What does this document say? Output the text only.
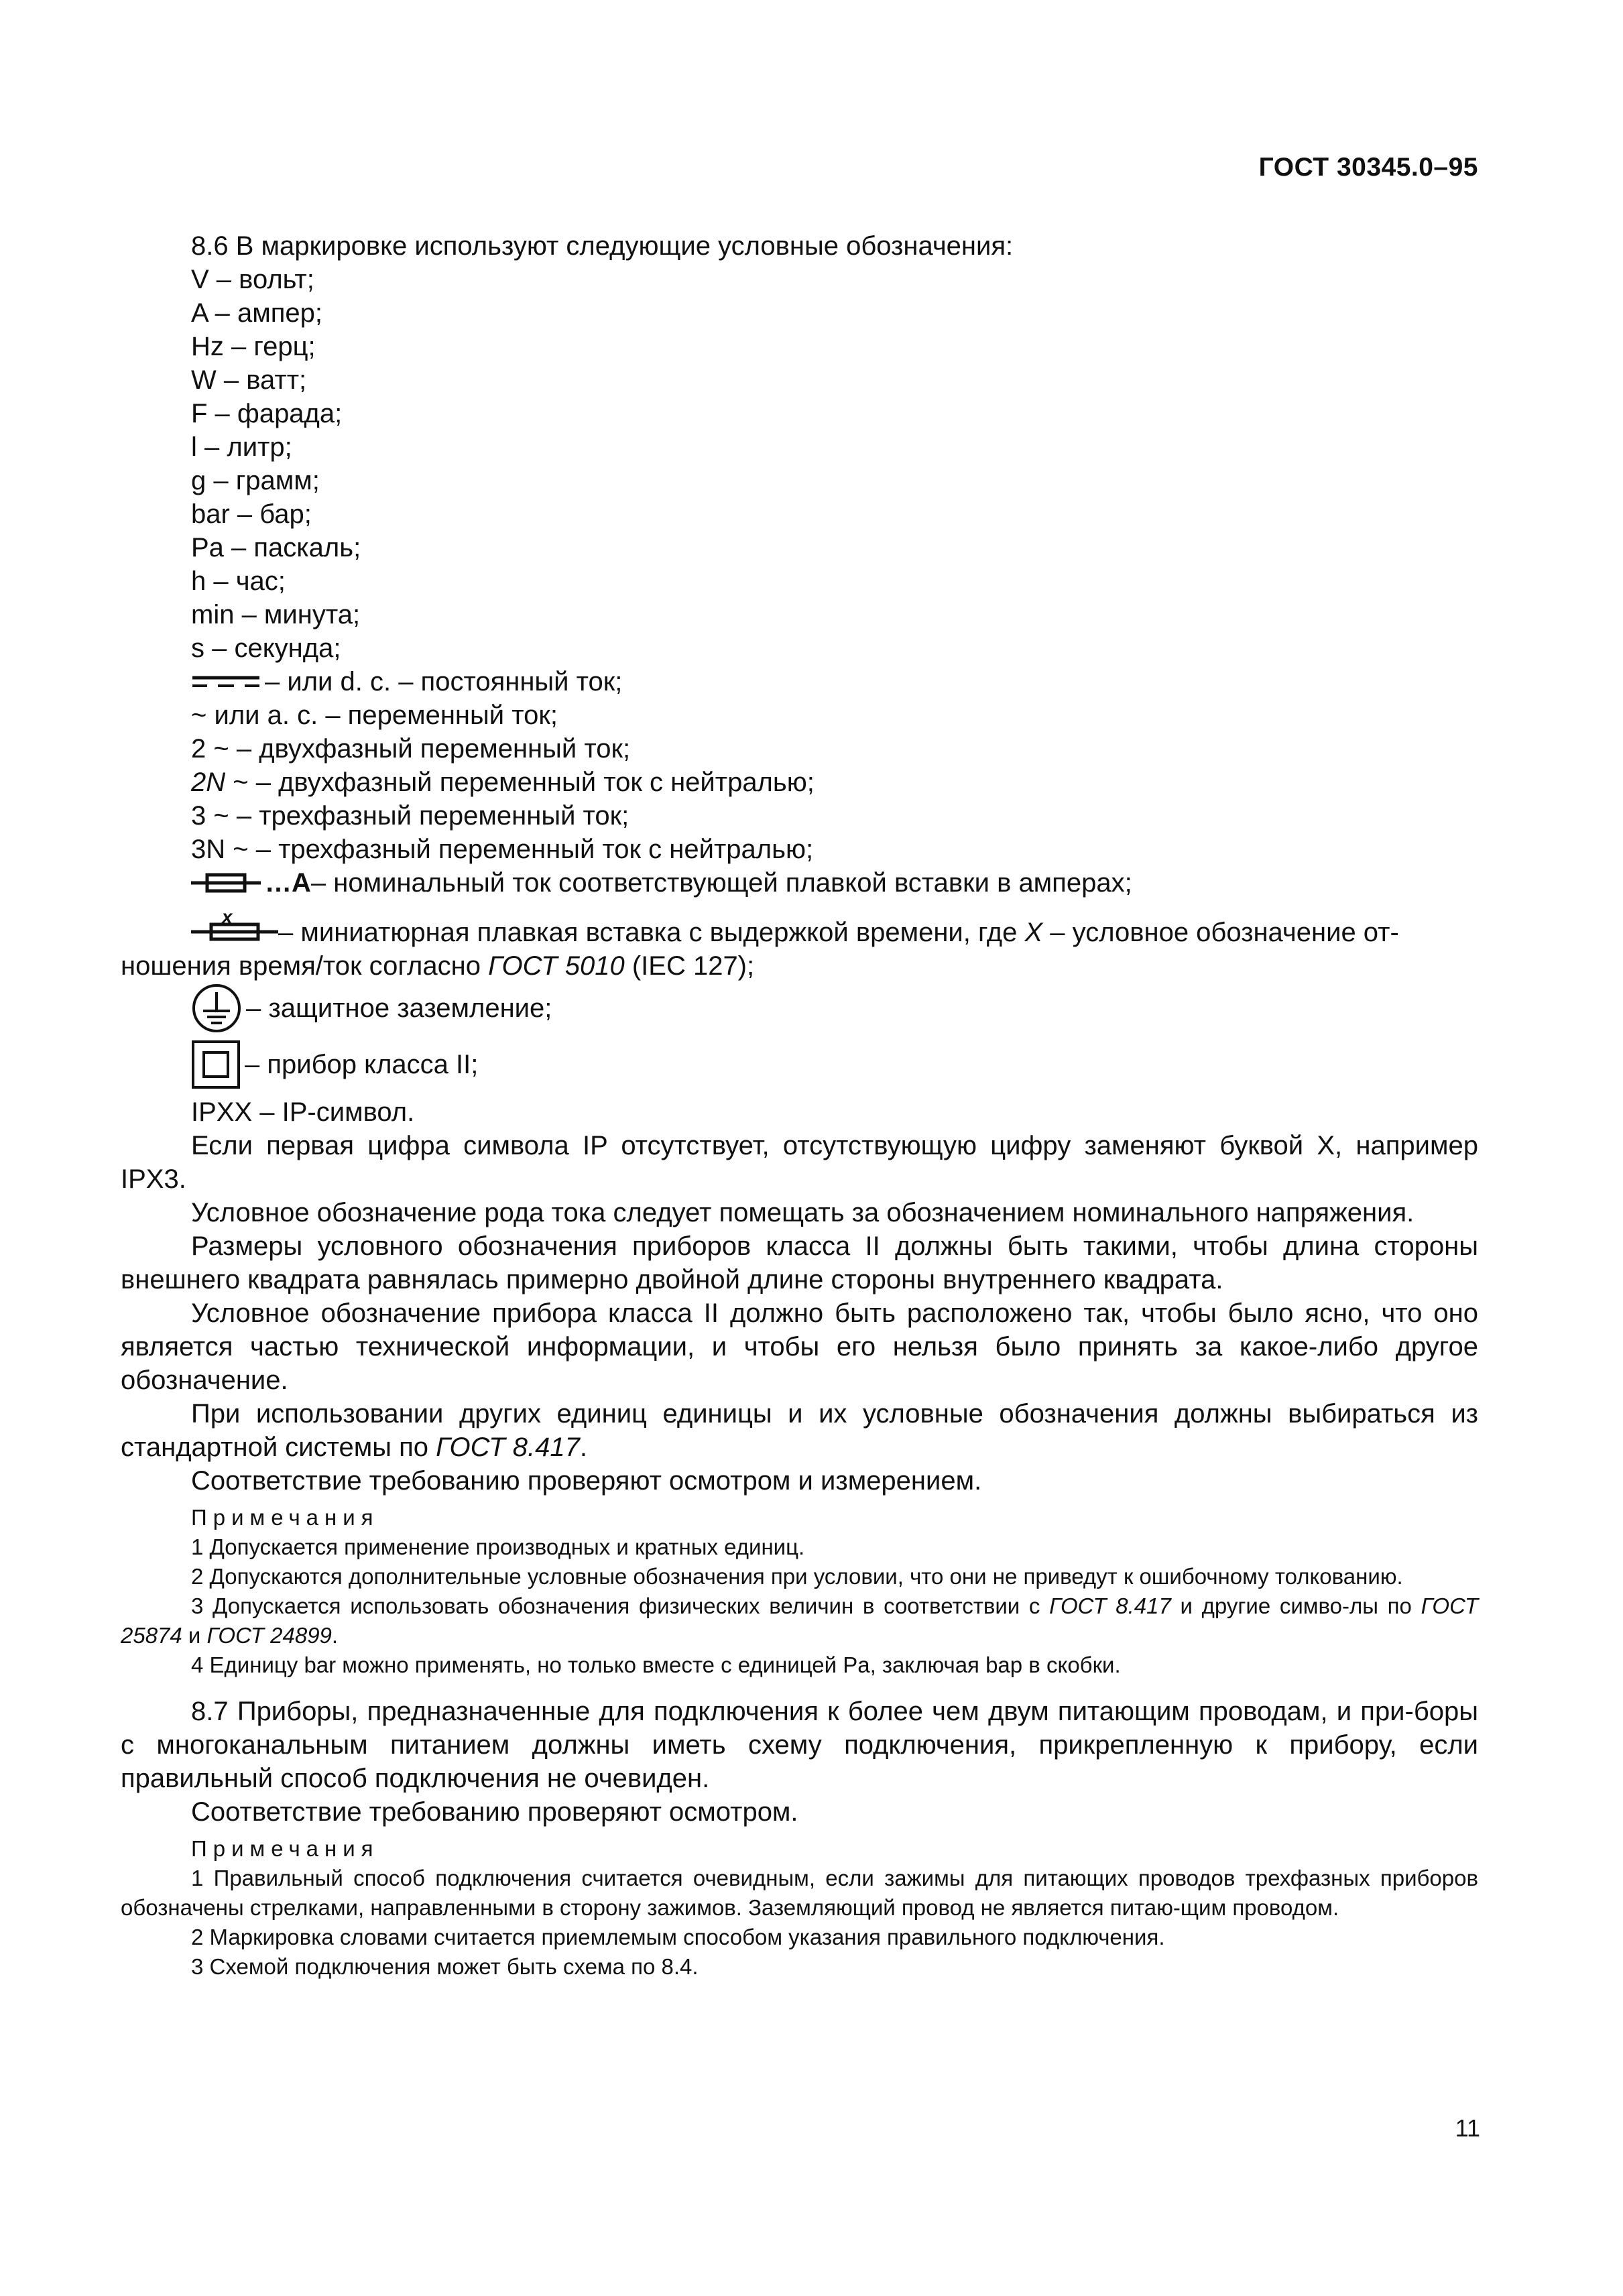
ГОСТ 30345.0–95

8.6 В маркировке используют следующие условные обозначения:

V – вольт;

A – ампер;

Hz – герц;

W – ватт;

F – фарада;

l – литр;

g – грамм;

bar – бар;

Pa – паскаль;

h – час;

min – минута;

s – секунда;

– или d. c. – постоянный ток;

~ или a. c. – переменный ток;

2 ~ – двухфазный переменный ток;

2N ~ – двухфазный переменный ток с нейтралью;

3 ~ – трехфазный переменный ток;

3N ~ – трехфазный переменный ток с нейтралью;

…A – номинальный ток соответствующей плавкой вставки в амперах;
x
– миниатюрная плавкая вставка с выдержкой времени, где X – условное обозначение от-

ношения время/ток согласно ГОСТ 5010 (IEC 127);

– защитное заземление;
– прибор класса II;

IPXX – IP-символ.

Если первая цифра символа IP отсутствует, отсутствующую цифру заменяют буквой X, например IPX3.

Условное обозначение рода тока следует помещать за обозначением номинального напряжения.

Размеры условного обозначения приборов класса II должны быть такими, чтобы длина стороны внешнего квадрата равнялась примерно двойной длине стороны внутреннего квадрата.

Условное обозначение прибора класса II должно быть расположено так, чтобы было ясно, что оно является частью технической информации, и чтобы его нельзя было принять за какое-либо другое обозначение.

При использовании других единиц единицы и их условные обозначения должны выбираться из стандартной системы по ГОСТ 8.417.

Соответствие требованию проверяют осмотром и измерением.

Примечания

1 Допускается применение производных и кратных единиц.

2 Допускаются дополнительные условные обозначения при условии, что они не приведут к ошибочному толкованию.

3 Допускается использовать обозначения физических величин в соответствии с ГОСТ 8.417 и другие симво-лы по ГОСТ 25874 и ГОСТ 24899.

4 Единицу bar можно применять, но только вместе с единицей Pa, заключая bap в скобки.

8.7 Приборы, предназначенные для подключения к более чем двум питающим проводам, и при-боры с многоканальным питанием должны иметь схему подключения, прикрепленную к прибору, если правильный способ подключения не очевиден.

Соответствие требованию проверяют осмотром.

Примечания

1 Правильный способ подключения считается очевидным, если зажимы для питающих проводов трехфазных приборов обозначены стрелками, направленными в сторону зажимов. Заземляющий провод не является питаю-щим проводом.

2 Маркировка словами считается приемлемым способом указания правильного подключения.

3 Схемой подключения может быть схема по 8.4.

11
